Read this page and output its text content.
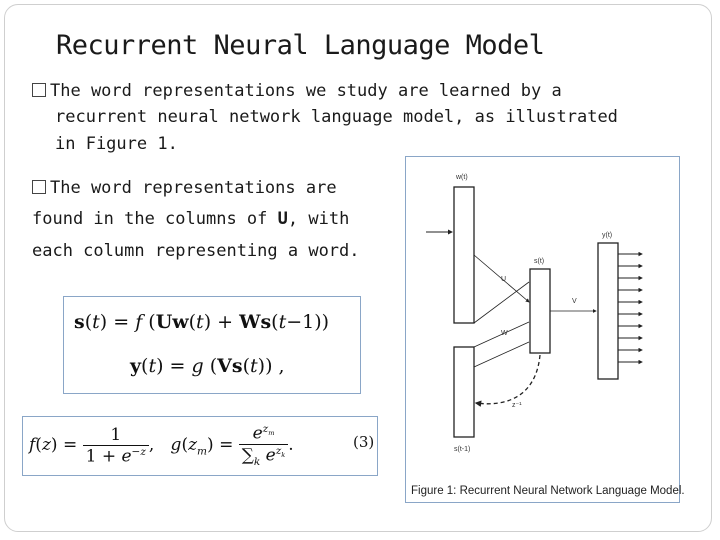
Recurrent Neural Language Model
The word representations we study are learned by a
recurrent neural network language model, as illustrated
in Figure 1.
The word representations are
found in the columns of U, with
each column representing a word.
w(t)
s(t)
y(t)
U
V
W
s(t-1)
z⁻¹
Figure 1: Recurrent Neural Network Language Model.
s(t) = f (Uw(t) + Ws(t−1))
y(t) = g (Vs(t)) ,
$f(z) = \frac{1}{1 + e^{-z}}$ ,   $g(z_m) = \frac{e^{z_m}}{\sum_k e^{z_k}}$ .	(3)
